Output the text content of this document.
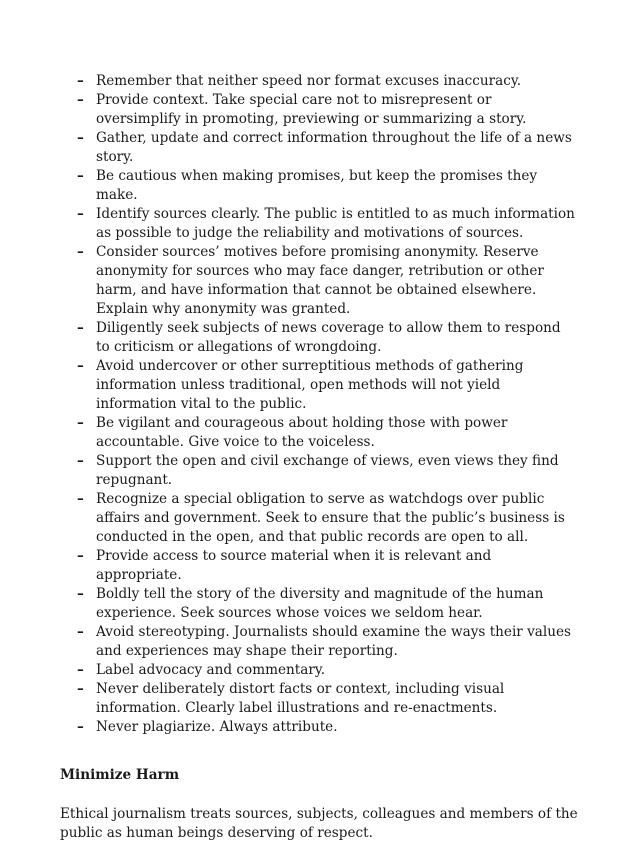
– Remember that neither speed nor format excuses inaccuracy.
– Provide context. Take special care not to misrepresent or oversimplify in promoting, previewing or summarizing a story.
– Gather, update and correct information throughout the life of a news story.
– Be cautious when making promises, but keep the promises they make.
– Identify sources clearly. The public is entitled to as much information as possible to judge the reliability and motivations of sources.
– Consider sources’ motives before promising anonymity. Reserve anonymity for sources who may face danger, retribution or other harm, and have information that cannot be obtained elsewhere. Explain why anonymity was granted.
– Diligently seek subjects of news coverage to allow them to respond to criticism or allegations of wrongdoing.
– Avoid undercover or other surreptitious methods of gathering information unless traditional, open methods will not yield information vital to the public.
– Be vigilant and courageous about holding those with power accountable. Give voice to the voiceless.
– Support the open and civil exchange of views, even views they find repugnant.
– Recognize a special obligation to serve as watchdogs over public affairs and government. Seek to ensure that the public’s business is conducted in the open, and that public records are open to all.
– Provide access to source material when it is relevant and appropriate.
– Boldly tell the story of the diversity and magnitude of the human experience. Seek sources whose voices we seldom hear.
– Avoid stereotyping. Journalists should examine the ways their values and experiences may shape their reporting.
– Label advocacy and commentary.
– Never deliberately distort facts or context, including visual information. Clearly label illustrations and re-enactments.
– Never plagiarize. Always attribute.
Minimize Harm

Ethical journalism treats sources, subjects, colleagues and members of the public as human beings deserving of respect.
